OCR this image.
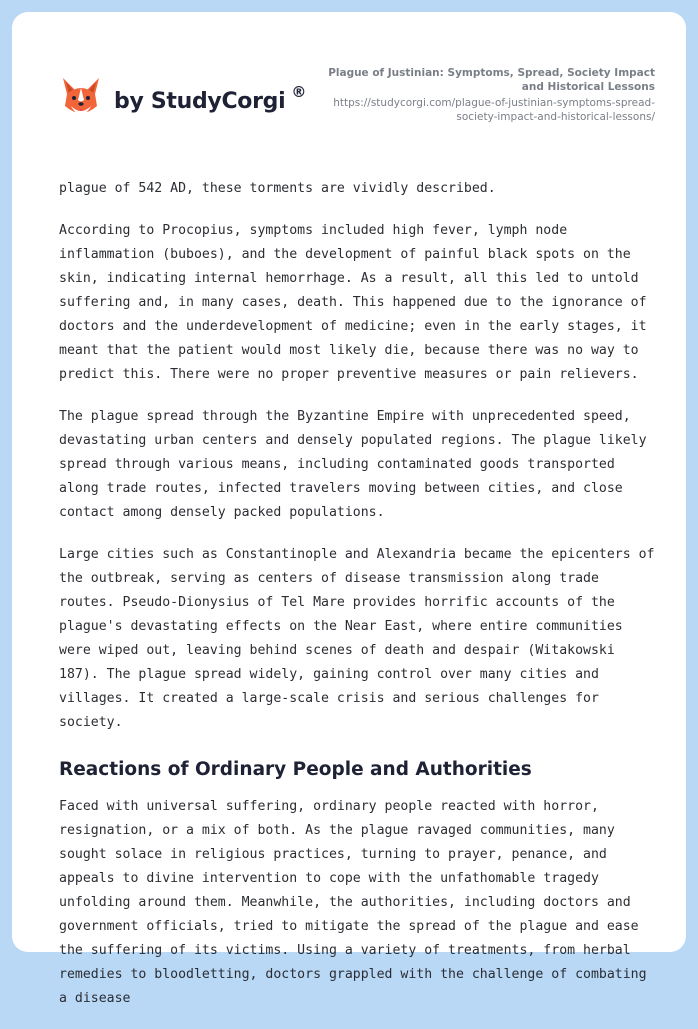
by StudyCorgi ®
Plague of Justinian: Symptoms, Spread, Society Impact
and Historical Lessons
https://studycorgi.com/plague-of-justinian-symptoms-spread-
society-impact-and-historical-lessons/

plague of 542 AD, these torments are vividly described.

According to Procopius, symptoms included high fever, lymph node inflammation (buboes), and the development of painful black spots on the skin, indicating internal hemorrhage. As a result, all this led to untold suffering and, in many cases, death. This happened due to the ignorance of doctors and the underdevelopment of medicine; even in the early stages, it meant that the patient would most likely die, because there was no way to predict this. There were no proper preventive measures or pain relievers.

The plague spread through the Byzantine Empire with unprecedented speed, devastating urban centers and densely populated regions. The plague likely spread through various means, including contaminated goods transported along trade routes, infected travelers moving between cities, and close contact among densely packed populations.

Large cities such as Constantinople and Alexandria became the epicenters of the outbreak, serving as centers of disease transmission along trade routes. Pseudo-Dionysius of Tel Mare provides horrific accounts of the plague's devastating effects on the Near East, where entire communities were wiped out, leaving behind scenes of death and despair (Witakowski 187). The plague spread widely, gaining control over many cities and villages. It created a large-scale crisis and serious challenges for society.

Reactions of Ordinary People and Authorities

Faced with universal suffering, ordinary people reacted with horror, resignation, or a mix of both. As the plague ravaged communities, many sought solace in religious practices, turning to prayer, penance, and appeals to divine intervention to cope with the unfathomable tragedy unfolding around them. Meanwhile, the authorities, including doctors and government officials, tried to mitigate the spread of the plague and ease the suffering of its victims. Using a variety of treatments, from herbal remedies to bloodletting, doctors grappled with the challenge of combating a disease
